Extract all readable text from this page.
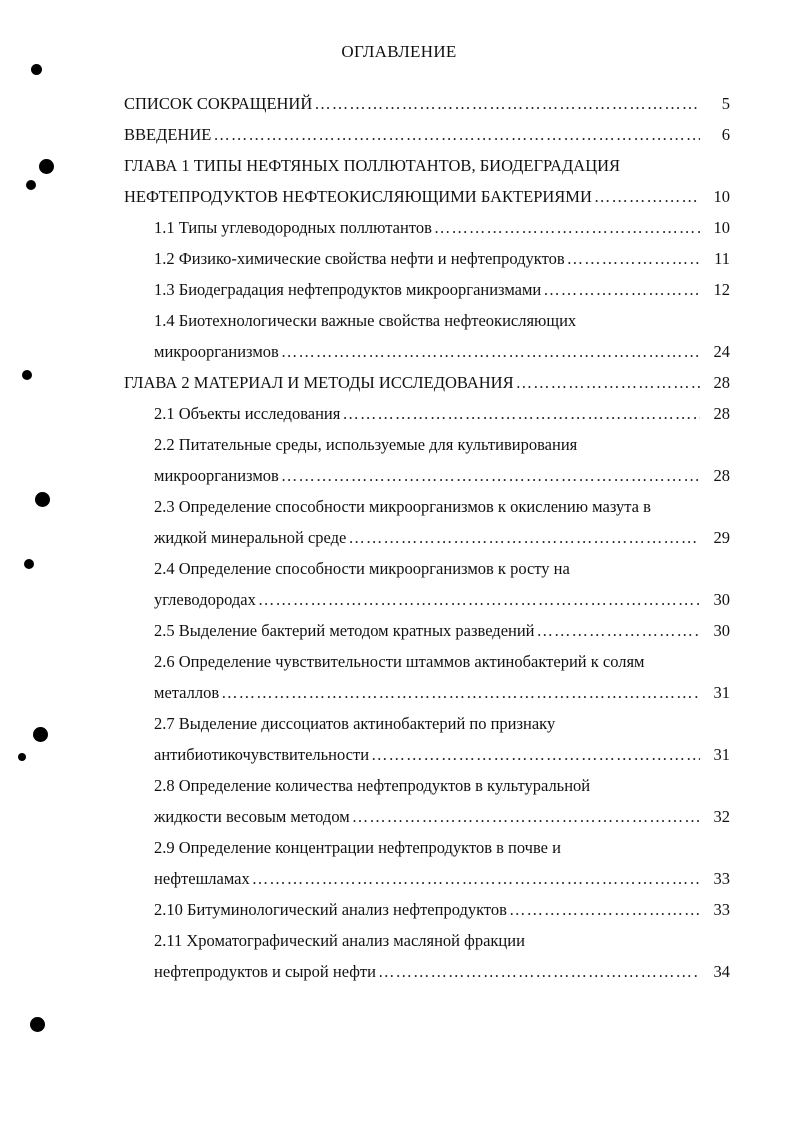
ОГЛАВЛЕНИЕ
СПИСОК СОКРАЩЕНИЙ ………………………………………………………………………………………………………………………………………………………	5
ВВЕДЕНИЕ ………………………………………………………………………………………………………………………………………………………	6
ГЛАВА 1 ТИПЫ НЕФТЯНЫХ ПОЛЛЮТАНТОВ, БИОДЕГРАДАЦИЯ
НЕФТЕПРОДУКТОВ НЕФТЕОКИСЛЯЮЩИМИ БАКТЕРИЯМИ ………………………………………………………………………………………………………………………………………………………	10
1.1 Типы углеводородных поллютантов ………………………………………………………………………………………………………………………………………………………	10
1.2 Физико-химические свойства нефти и нефтепродуктов ………………………………………………………………………………………………………………………………………………………	11
1.3 Биодеградация нефтепродуктов микроорганизмами ………………………………………………………………………………………………………………………………………………………	12
1.4 Биотехнологически важные свойства нефтеокисляющих
микроорганизмов ………………………………………………………………………………………………………………………………………………………	24
ГЛАВА 2 МАТЕРИАЛ И МЕТОДЫ ИССЛЕДОВАНИЯ ………………………………………………………………………………………………………………………………………………………	28
2.1 Объекты исследования ………………………………………………………………………………………………………………………………………………………	28
2.2 Питательные среды, используемые для культивирования
микроорганизмов ………………………………………………………………………………………………………………………………………………………	28
2.3 Определение способности микроорганизмов к окислению мазута в
жидкой минеральной среде ………………………………………………………………………………………………………………………………………………………	29
2.4 Определение способности микроорганизмов к росту на
углеводородах ………………………………………………………………………………………………………………………………………………………	30
2.5 Выделение бактерий методом кратных разведений ………………………………………………………………………………………………………………………………………………………	30
2.6 Определение чувствительности штаммов актинобактерий к солям
металлов ………………………………………………………………………………………………………………………………………………………	31
2.7 Выделение диссоциатов актинобактерий по признаку
антибиотикочувствительности ………………………………………………………………………………………………………………………………………………………	31
2.8 Определение количества нефтепродуктов в культуральной
жидкости весовым методом ………………………………………………………………………………………………………………………………………………………	32
2.9 Определение концентрации нефтепродуктов в почве и
нефтешламах ………………………………………………………………………………………………………………………………………………………	33
2.10 Битуминологический анализ нефтепродуктов ………………………………………………………………………………………………………………………………………………………	33
2.11 Хроматографический анализ масляной фракции
нефтепродуктов и сырой нефти ………………………………………………………………………………………………………………………………………………………	34
